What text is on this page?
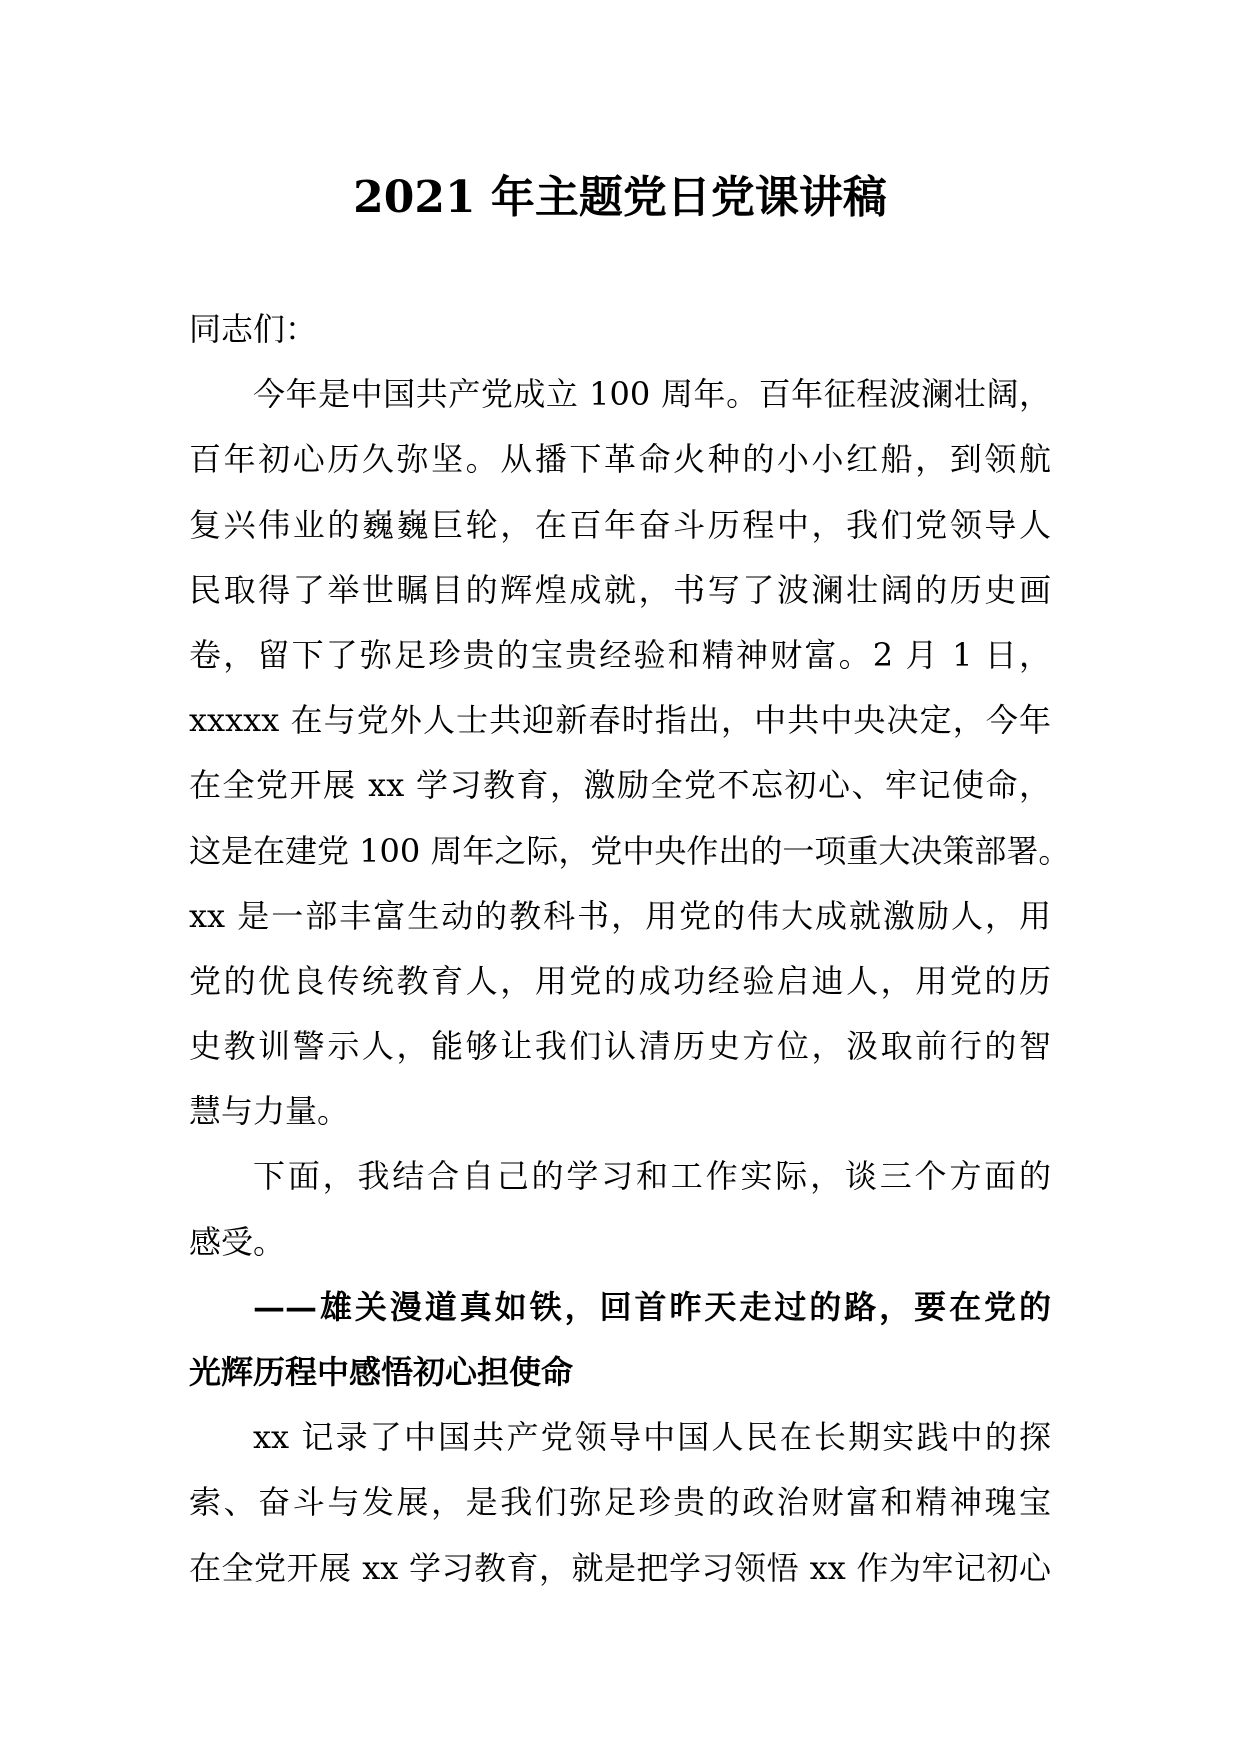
2021 年主题党日党课讲稿
同志们：
今年是中国共产党成立 100 周年。百年征程波澜壮阔，
百年初心历久弥坚。从播下革命火种的小小红船，到领航
复兴伟业的巍巍巨轮，在百年奋斗历程中，我们党领导人
民取得了举世瞩目的辉煌成就，书写了波澜壮阔的历史画
卷，留下了弥足珍贵的宝贵经验和精神财富。2 月 1 日，
xxxxx 在与党外人士共迎新春时指出，中共中央决定，今年
在全党开展 xx 学习教育，激励全党不忘初心、牢记使命，
这是在建党 100 周年之际，党中央作出的一项重大决策部署。
xx 是一部丰富生动的教科书，用党的伟大成就激励人，用
党的优良传统教育人，用党的成功经验启迪人，用党的历
史教训警示人，能够让我们认清历史方位，汲取前行的智
慧与力量。
下面，我结合自己的学习和工作实际，谈三个方面的
感受。
——雄关漫道真如铁，回首昨天走过的路，要在党的
光辉历程中感悟初心担使命
xx 记录了中国共产党领导中国人民在长期实践中的探
索、奋斗与发展，是我们弥足珍贵的政治财富和精神瑰宝
在全党开展 xx 学习教育，就是把学习领悟 xx 作为牢记初心
